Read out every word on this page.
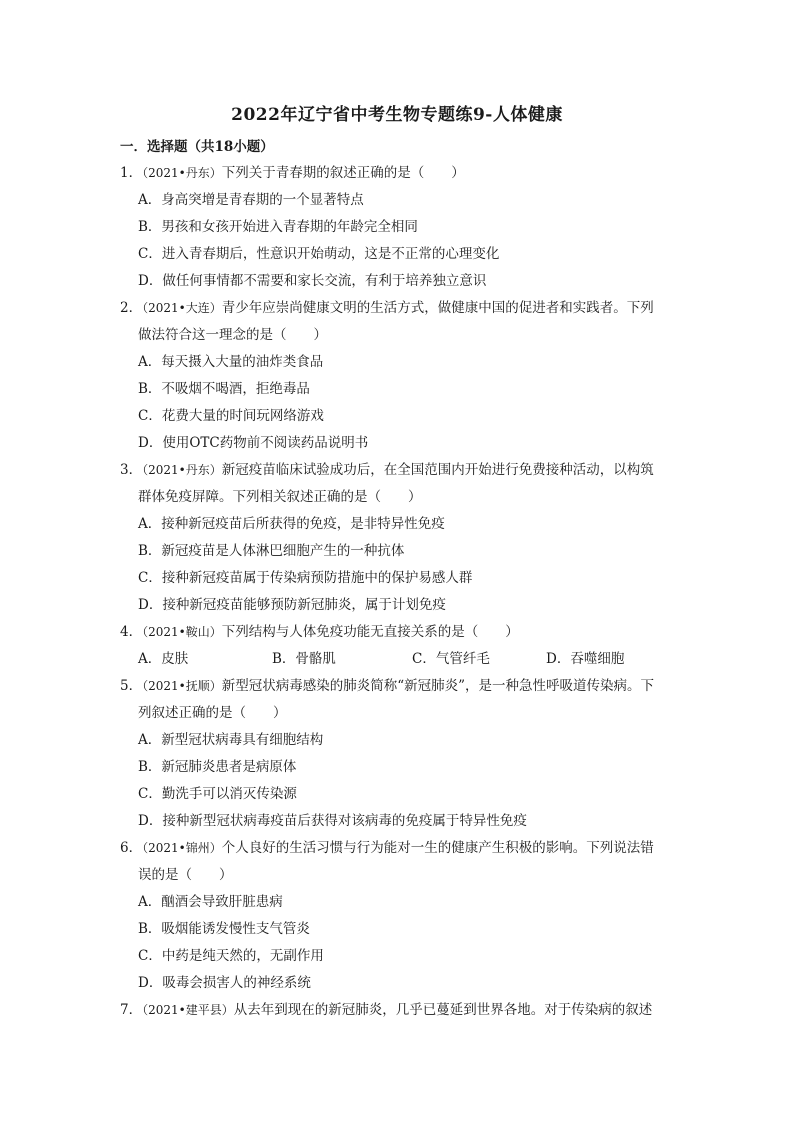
2022年辽宁省中考生物专题练9-人体健康
一．选择题（共18小题）
1．（2021•丹东）下列关于青春期的叙述正确的是（　　）
A．身高突增是青春期的一个显著特点
B．男孩和女孩开始进入青春期的年龄完全相同
C．进入青春期后，性意识开始萌动，这是不正常的心理变化
D．做任何事情都不需要和家长交流，有利于培养独立意识
2．（2021•大连）青少年应崇尚健康文明的生活方式，做健康中国的促进者和实践者。下列
做法符合这一理念的是（　　）
A．每天摄入大量的油炸类食品
B．不吸烟不喝酒，拒绝毒品
C．花费大量的时间玩网络游戏
D．使用OTC药物前不阅读药品说明书
3．（2021•丹东）新冠疫苗临床试验成功后，在全国范围内开始进行免费接种活动，以构筑
群体免疫屏障。下列相关叙述正确的是（　　）
A．接种新冠疫苗后所获得的免疫，是非特异性免疫
B．新冠疫苗是人体淋巴细胞产生的一种抗体
C．接种新冠疫苗属于传染病预防措施中的保护易感人群
D．接种新冠疫苗能够预防新冠肺炎，属于计划免疫
4．（2021•鞍山）下列结构与人体免疫功能无直接关系的是（　　）
A．皮肤	B．骨骼肌	C．气管纤毛	D．吞噬细胞
5．（2021•抚顺）新型冠状病毒感染的肺炎简称“新冠肺炎”，是一种急性呼吸道传染病。下
列叙述正确的是（　　）
A．新型冠状病毒具有细胞结构
B．新冠肺炎患者是病原体
C．勤洗手可以消灭传染源
D．接种新型冠状病毒疫苗后获得对该病毒的免疫属于特异性免疫
6．（2021•锦州）个人良好的生活习惯与行为能对一生的健康产生积极的影响。下列说法错
误的是（　　）
A．酗酒会导致肝脏患病
B．吸烟能诱发慢性支气管炎
C．中药是纯天然的，无副作用
D．吸毒会损害人的神经系统
7．（2021•建平县）从去年到现在的新冠肺炎，几乎已蔓延到世界各地。对于传染病的叙述
